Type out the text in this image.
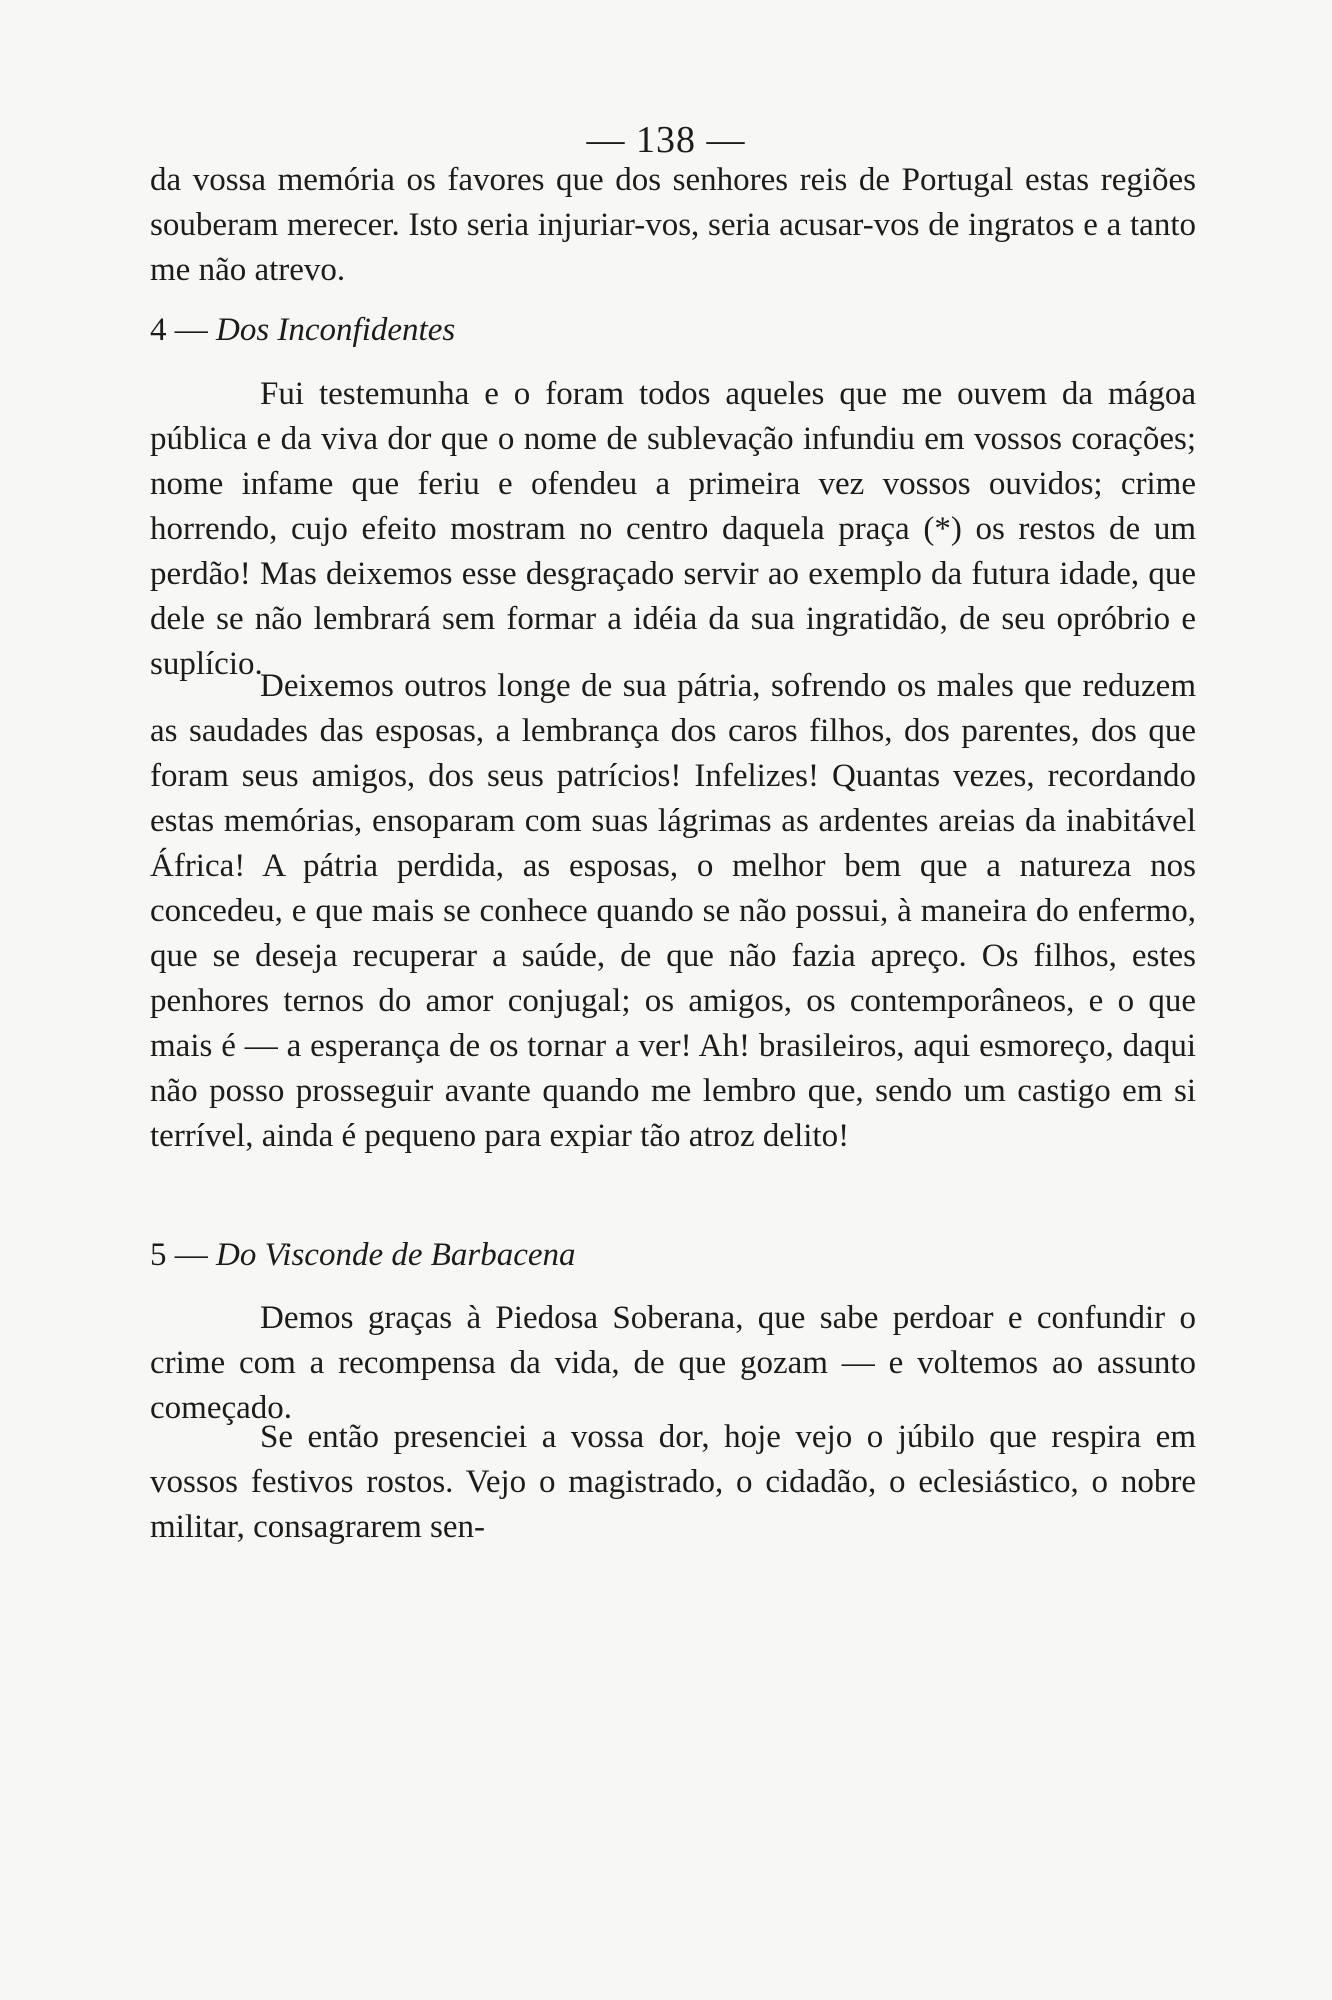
— 138 —

da vossa memória os favores que dos senhores reis de Portugal estas regiões souberam merecer. Isto seria injuriar-vos, seria acusar-vos de ingratos e a tanto me não atrevo.

4 — Dos Inconfidentes

Fui testemunha e o foram todos aqueles que me ouvem da mágoa pública e da viva dor que o nome de sublevação infundiu em vossos corações; nome infame que feriu e ofendeu a primeira vez vossos ouvidos; crime horrendo, cujo efeito mostram no centro daquela praça (*) os restos de um perdão! Mas deixemos esse desgraçado servir ao exemplo da futura idade, que dele se não lembrará sem formar a idéia da sua ingratidão, de seu opróbrio e suplício.

Deixemos outros longe de sua pátria, sofrendo os males que reduzem as saudades das esposas, a lembrança dos caros filhos, dos parentes, dos que foram seus amigos, dos seus patrícios! Infelizes! Quantas vezes, recordando estas memórias, ensoparam com suas lágrimas as ardentes areias da inabitável África! A pátria perdida, as esposas, o melhor bem que a natureza nos concedeu, e que mais se conhece quando se não possui, à maneira do enfermo, que se deseja recuperar a saúde, de que não fazia apreço. Os filhos, estes penhores ternos do amor conjugal; os amigos, os contemporâneos, e o que mais é — a esperança de os tornar a ver! Ah! brasileiros, aqui esmoreço, daqui não posso prosseguir avante quando me lembro que, sendo um castigo em si terrível, ainda é pequeno para expiar tão atroz delito!

5 — Do Visconde de Barbacena

Demos graças à Piedosa Soberana, que sabe perdoar e confundir o crime com a recompensa da vida, de que gozam — e voltemos ao assunto começado.

Se então presenciei a vossa dor, hoje vejo o júbilo que respira em vossos festivos rostos. Vejo o magistrado, o cidadão, o eclesiástico, o nobre militar, consagrarem sen-
